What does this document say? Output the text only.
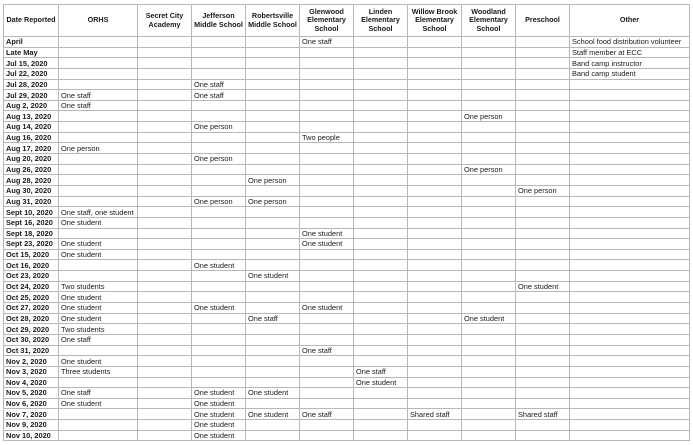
Date Reported	ORHS	Secret City Academy	Jefferson Middle School	Robertsville Middle School	Glenwood Elementary School	Linden Elementary School	Willow Brook Elementary School	Woodland Elementary School	Preschool	Other
April					One staff					School food distribution volunteer
Late May										Staff member at ECC
Jul 15, 2020										Band camp instructor
Jul 22, 2020										Band camp student
Jul 28, 2020			One staff							
Jul 29, 2020	One staff		One staff							
Aug 2, 2020	One staff									
Aug 13, 2020								One person		
Aug 14, 2020			One person							
Aug 16, 2020					Two people					
Aug 17, 2020	One person									
Aug 20, 2020			One person							
Aug 26, 2020								One person		
Aug 28, 2020				One person						
Aug 30, 2020									One person	
Aug 31, 2020			One person	One person						
Sept 10, 2020	One staff, one student									
Sept 16, 2020	One student									
Sept 18, 2020					One student					
Sept 23, 2020	One student				One student					
Oct 15, 2020	One student									
Oct 16, 2020			One student							
Oct 23, 2020				One student						
Oct 24, 2020	Two students								One student	
Oct 25, 2020	One student									
Oct 27, 2020	One student		One student		One student					
Oct 28, 2020	One student			One staff				One student		
Oct 29, 2020	Two students									
Oct 30, 2020	One staff									
Oct 31, 2020					One staff					
Nov 2, 2020	One student									
Nov 3, 2020	Three students					One staff				
Nov 4, 2020						One student				
Nov 5, 2020	One staff		One student	One student						
Nov 6, 2020	One student		One student							
Nov 7, 2020			One student	One student	One staff		Shared staff		Shared staff	
Nov 9, 2020			One student							
Nov 10, 2020			One student							
